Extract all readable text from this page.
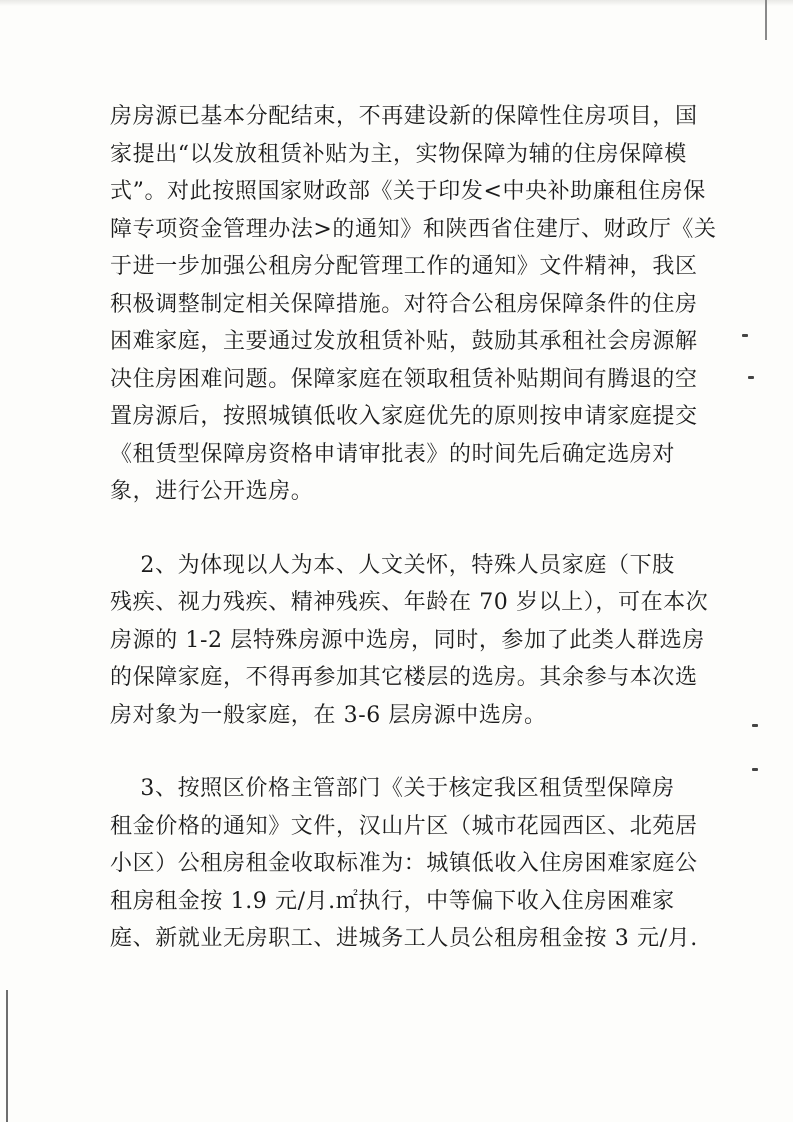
房房源已基本分配结束，不再建设新的保障性住房项目，国
家提出“以发放租赁补贴为主，实物保障为辅的住房保障模
式”。对此按照国家财政部《关于印发<中央补助廉租住房保
障专项资金管理办法>的通知》和陕西省住建厅、财政厅《关
于进一步加强公租房分配管理工作的通知》文件精神，我区
积极调整制定相关保障措施。对符合公租房保障条件的住房
困难家庭，主要通过发放租赁补贴，鼓励其承租社会房源解
决住房困难问题。保障家庭在领取租赁补贴期间有腾退的空
置房源后，按照城镇低收入家庭优先的原则按申请家庭提交
《租赁型保障房资格申请审批表》的时间先后确定选房对
象，进行公开选房。
2、为体现以人为本、人文关怀，特殊人员家庭（下肢
残疾、视力残疾、精神残疾、年龄在 70 岁以上），可在本次
房源的 1-2 层特殊房源中选房，同时，参加了此类人群选房
的保障家庭，不得再参加其它楼层的选房。其余参与本次选
房对象为一般家庭，在 3-6 层房源中选房。
3、按照区价格主管部门《关于核定我区租赁型保障房
租金价格的通知》文件，汉山片区（城市花园西区、北苑居
小区）公租房租金收取标准为：城镇低收入住房困难家庭公
租房租金按 1.9 元/月.㎡执行，中等偏下收入住房困难家
庭、新就业无房职工、进城务工人员公租房租金按 3 元/月.
